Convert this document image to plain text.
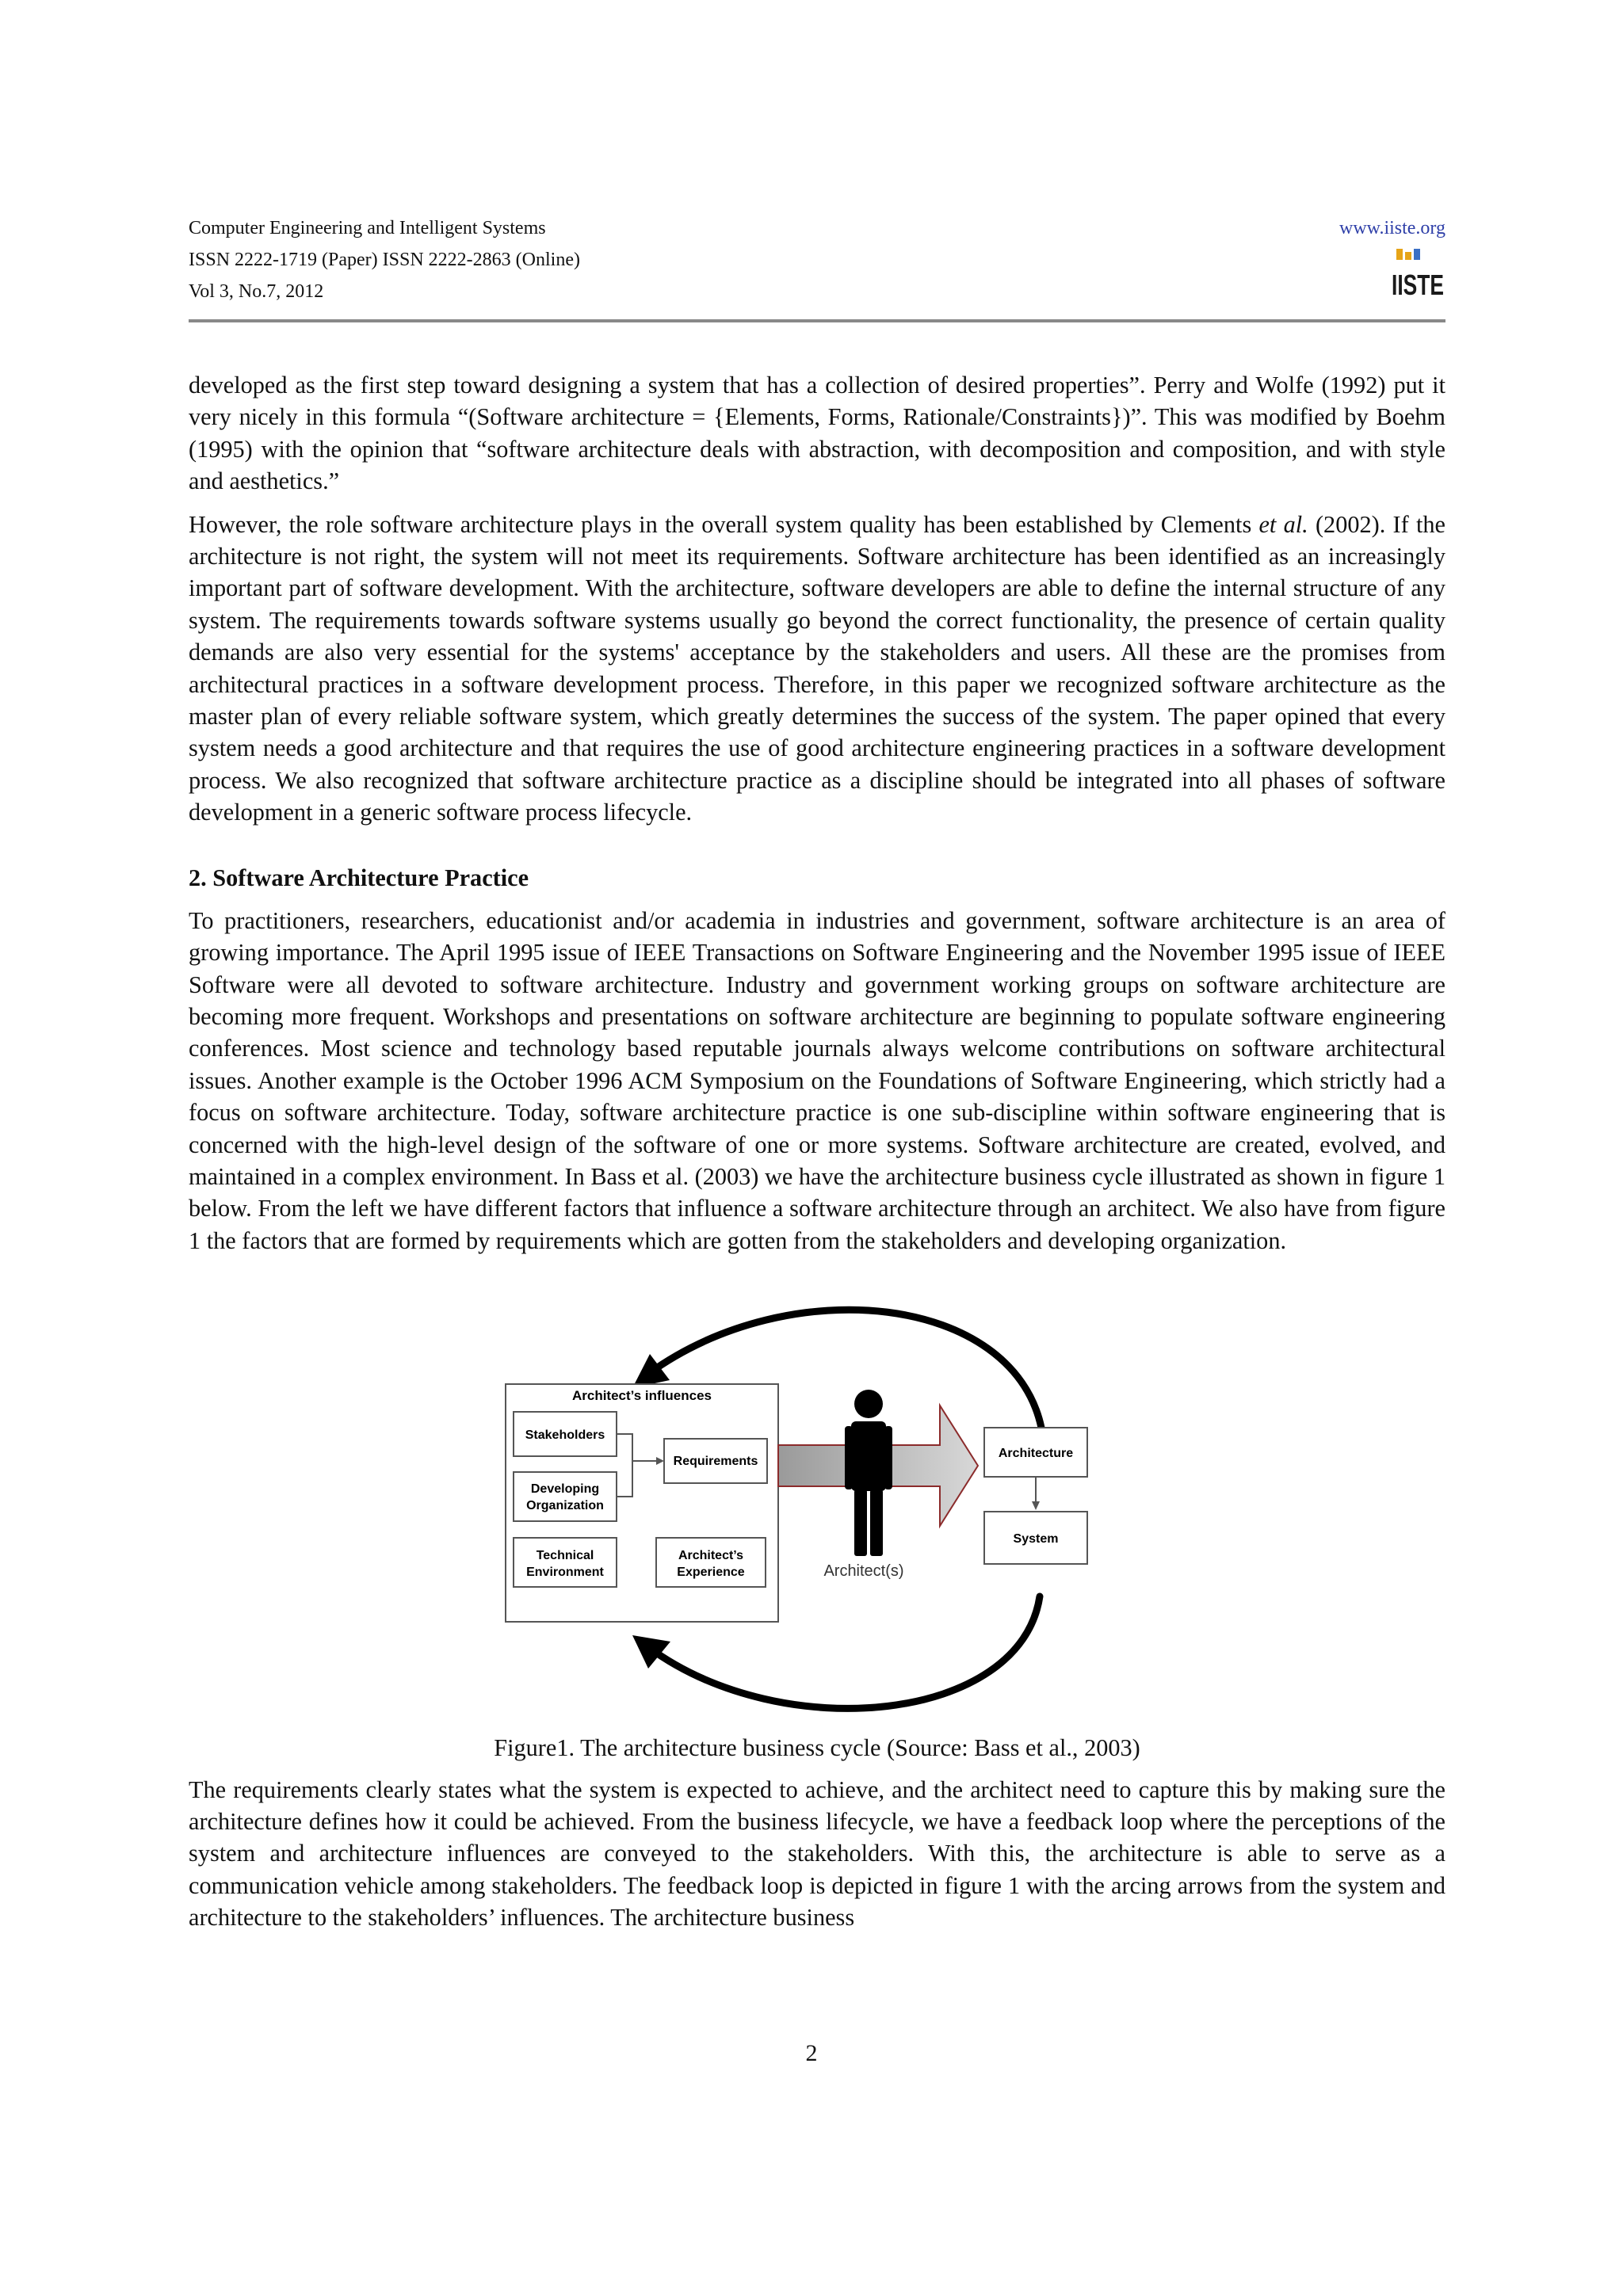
Computer Engineering and Intelligent Systems
ISSN 2222-1719 (Paper) ISSN 2222-2863 (Online)
Vol 3, No.7, 2012
www.iiste.org
IISTE

developed as the first step toward designing a system that has a collection of desired properties”. Perry and Wolfe (1992) put it very nicely in this formula “(Software architecture = {Elements, Forms, Rationale/Constraints})”. This was modified by Boehm (1995) with the opinion that “software architecture deals with abstraction, with decomposition and composition, and with style and aesthetics.”

However, the role software architecture plays in the overall system quality has been established by Clements et al. (2002). If the architecture is not right, the system will not meet its requirements. Software architecture has been identified as an increasingly important part of software development. With the architecture, software developers are able to define the internal structure of any system. The requirements towards software systems usually go beyond the correct functionality, the presence of certain quality demands are also very essential for the systems' acceptance by the stakeholders and users. All these are the promises from architectural practices in a software development process. Therefore, in this paper we recognized software architecture as the master plan of every reliable software system, which greatly determines the success of the system. The paper opined that every system needs a good architecture and that requires the use of good architecture engineering practices in a software development process. We also recognized that software architecture practice as a discipline should be integrated into all phases of software development in a generic software process lifecycle.

2. Software Architecture Practice

To practitioners, researchers, educationist and/or academia in industries and government, software architecture is an area of growing importance. The April 1995 issue of IEEE Transactions on Software Engineering and the November 1995 issue of IEEE Software were all devoted to software architecture. Industry and government working groups on software architecture are becoming more frequent. Workshops and presentations on software architecture are beginning to populate software engineering conferences. Most science and technology based reputable journals always welcome contributions on software architectural issues. Another example is the October 1996 ACM Symposium on the Foundations of Software Engineering, which strictly had a focus on software architecture. Today, software architecture practice is one sub-discipline within software engineering that is concerned with the high-level design of the software of one or more systems. Software architecture are created, evolved, and maintained in a complex environment. In Bass et al. (2003) we have the architecture business cycle illustrated as shown in figure 1 below. From the left we have different factors that influence a software architecture through an architect. We also have from figure 1 the factors that are formed by requirements which are gotten from the stakeholders and developing organization.

Architect’s influences
Stakeholders
Developing
Organization
Technical
Environment
Requirements
Architect’s
Experience	Architect(s)
Architecture
System
Figure1. The architecture business cycle (Source: Bass et al., 2003)

The requirements clearly states what the system is expected to achieve, and the architect need to capture this by making sure the architecture defines how it could be achieved. From the business lifecycle, we have a feedback loop where the perceptions of the system and architecture influences are conveyed to the stakeholders. With this, the architecture is able to serve as a communication vehicle among stakeholders. The feedback loop is depicted in figure 1 with the arcing arrows from the system and architecture to the stakeholders’ influences. The architecture business

2
